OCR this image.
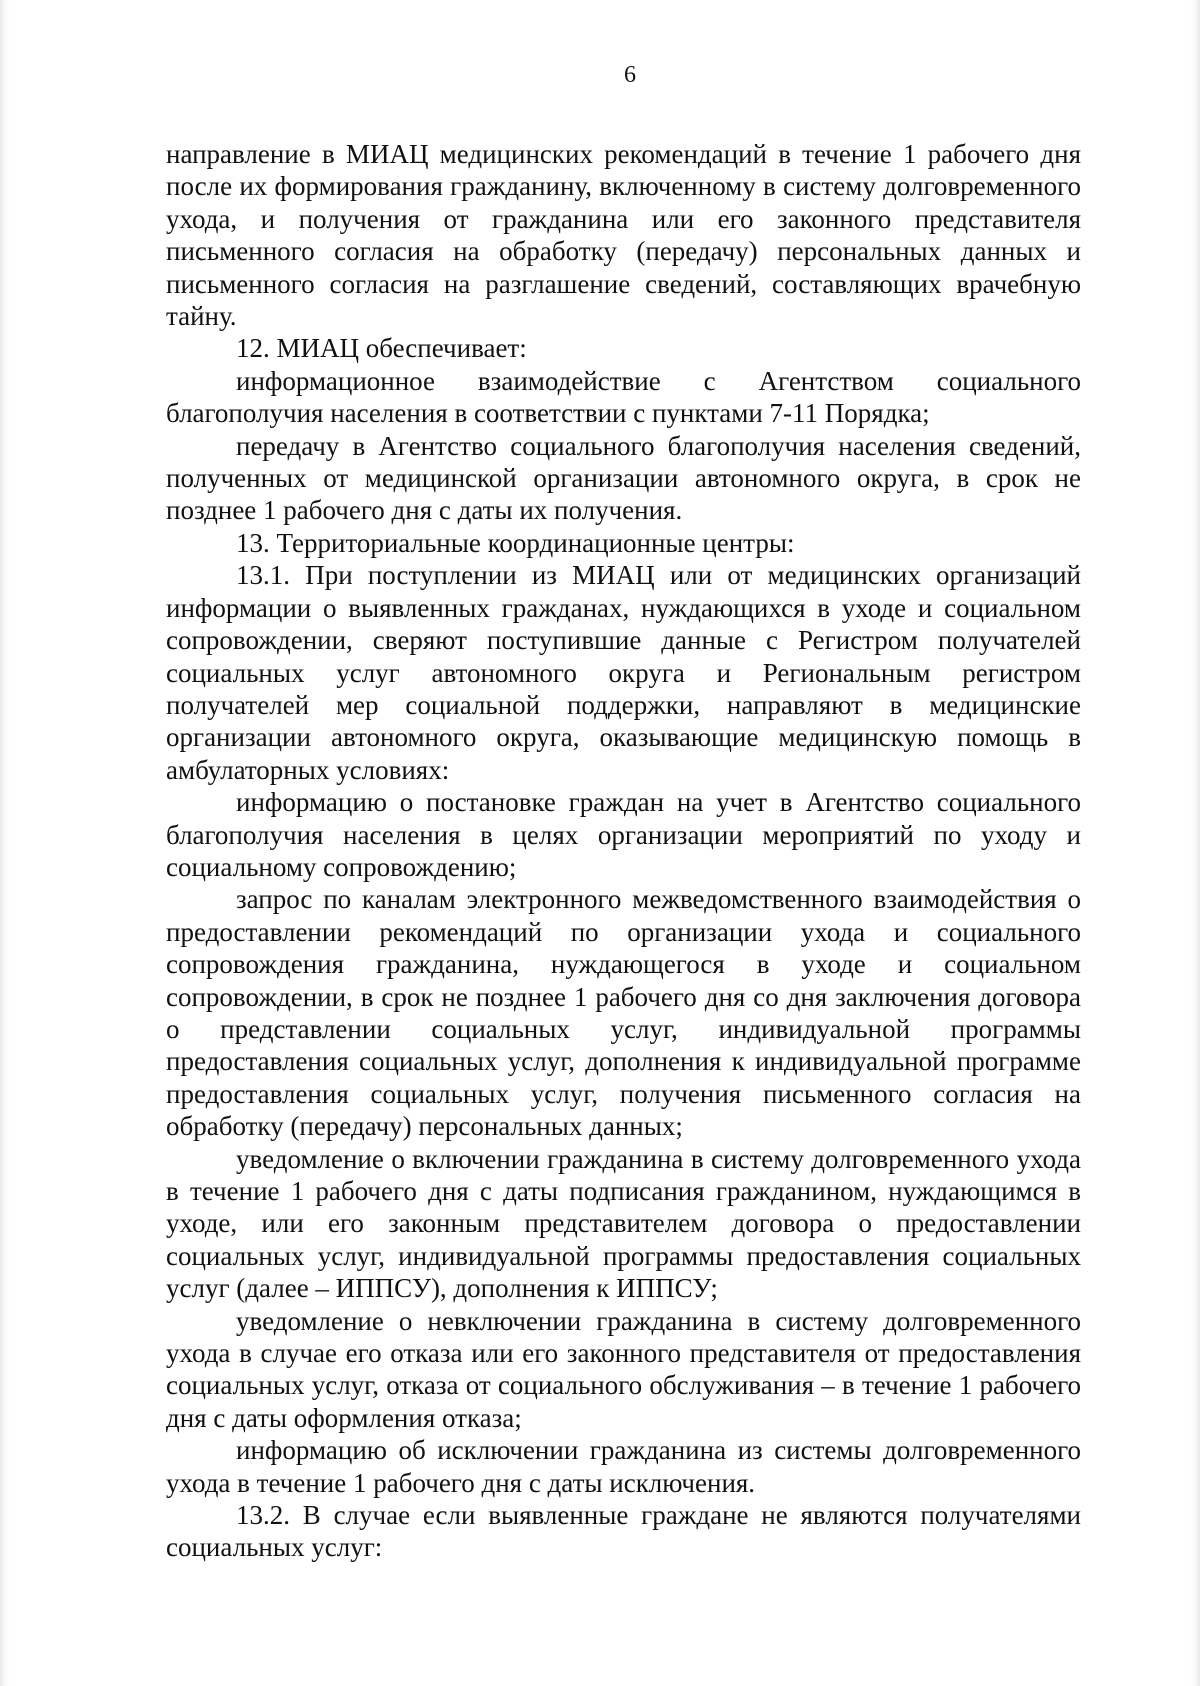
6

направление в МИАЦ медицинских рекомендаций в течение 1 рабочего дня после их формирования гражданину, включенному в систему долговременного ухода, и получения от гражданина или его законного представителя письменного согласия на обработку (передачу) персональных данных и письменного согласия на разглашение сведений, составляющих врачебную тайну.

12. МИАЦ обеспечивает:

информационное взаимодействие с Агентством социального благополучия населения в соответствии с пунктами 7-11 Порядка;

передачу в Агентство социального благополучия населения сведений, полученных от медицинской организации автономного округа, в срок не позднее 1 рабочего дня с даты их получения.

13. Территориальные координационные центры:

13.1. При поступлении из МИАЦ или от медицинских организаций информации о выявленных гражданах, нуждающихся в уходе и социальном сопровождении, сверяют поступившие данные с Регистром получателей социальных услуг автономного округа и Региональным регистром получателей мер социальной поддержки, направляют в медицинские организации автономного округа, оказывающие медицинскую помощь в амбулаторных условиях:

информацию о постановке граждан на учет в Агентство социального благополучия населения в целях организации мероприятий по уходу и социальному сопровождению;

запрос по каналам электронного межведомственного взаимодействия о предоставлении рекомендаций по организации ухода и социального сопровождения гражданина, нуждающегося в уходе и социальном сопровождении, в срок не позднее 1 рабочего дня со дня заключения договора о представлении социальных услуг, индивидуальной программы предоставления социальных услуг, дополнения к индивидуальной программе предоставления социальных услуг, получения письменного согласия на обработку (передачу) персональных данных;

уведомление о включении гражданина в систему долговременного ухода в течение 1 рабочего дня с даты подписания гражданином, нуждающимся в уходе, или его законным представителем договора о предоставлении социальных услуг, индивидуальной программы предоставления социальных услуг (далее – ИППСУ), дополнения к ИППСУ;

уведомление о невключении гражданина в систему долговременного ухода в случае его отказа или его законного представителя от предоставления социальных услуг, отказа от социального обслуживания – в течение 1 рабочего дня с даты оформления отказа;

информацию об исключении гражданина из системы долговременного ухода в течение 1 рабочего дня с даты исключения.

13.2. В случае если выявленные граждане не являются получателями социальных услуг:
